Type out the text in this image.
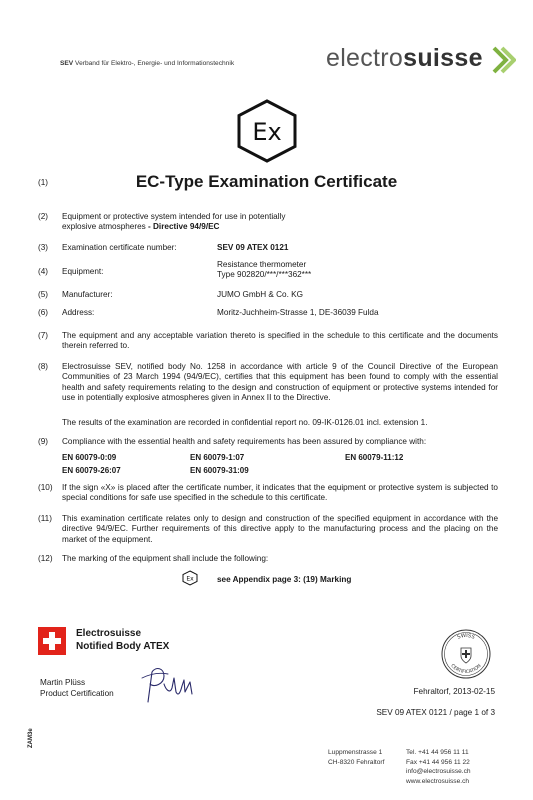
SEV Verband für Elektro-, Energie- und Informationstechnik	electrosuisse
Ex
(1)	EC-Type Examination Certificate
(2) Equipment or protective system intended for use in potentially
explosive atmospheres - Directive 94/9/EC
(3) Examination certificate number:	SEV 09 ATEX 0121
(4) Equipment:
Resistance thermometer
Type 902820/***/***362***
(5) Manufacturer:	JUMO GmbH & Co. KG
(6) Address:	Moritz-Juchheim-Strasse 1, DE-36039 Fulda
(7) The equipment and any acceptable variation thereto is specified in the schedule to this certificate and the documents therein referred to.
(8) Electrosuisse SEV, notified body No. 1258 in accordance with article 9 of the Council Directive of the European Communities of 23 March 1994 (94/9/EC), certifies that this equipment has been found to comply with the essential health and safety requirements relating to the design and construction of equipment or protective systems intended for use in potentially explosive atmospheres given in Annex II to the Directive.
The results of the examination are recorded in confidential report no. 09-IK-0126.01 incl. extension 1.
(9) Compliance with the essential health and safety requirements has been assured by compliance with:
EN 60079-0:09	EN 60079-1:07	EN 60079-11:12
EN 60079-26:07	EN 60079-31:09
(10) If the sign «X» is placed after the certificate number, it indicates that the equipment or protective system is subjected to special conditions for safe use specified in the schedule to this certificate.
(11) This examination certificate relates only to design and construction of the specified equipment in accordance with the directive 94/9/EC. Further requirements of this directive apply to the manufacturing process and the placing on the market of the equipment.
(12) The marking of the equipment shall include the following:
Ex	see Appendix page 3: (19) Marking
Electrosuisse
Notified Body ATEX
Martin Plüss
Product Certification
SWISS
CERTIFICATION
Fehraltorf, 2013-02-15
SEV 09 ATEX 0121 / page 1 of 3
ZAM3e
Luppmenstrasse 1
CH-8320 Fehraltorf
Tel. +41 44 956 11 11
Fax +41 44 956 11 22
info@electrosuisse.ch
www.electrosuisse.ch
